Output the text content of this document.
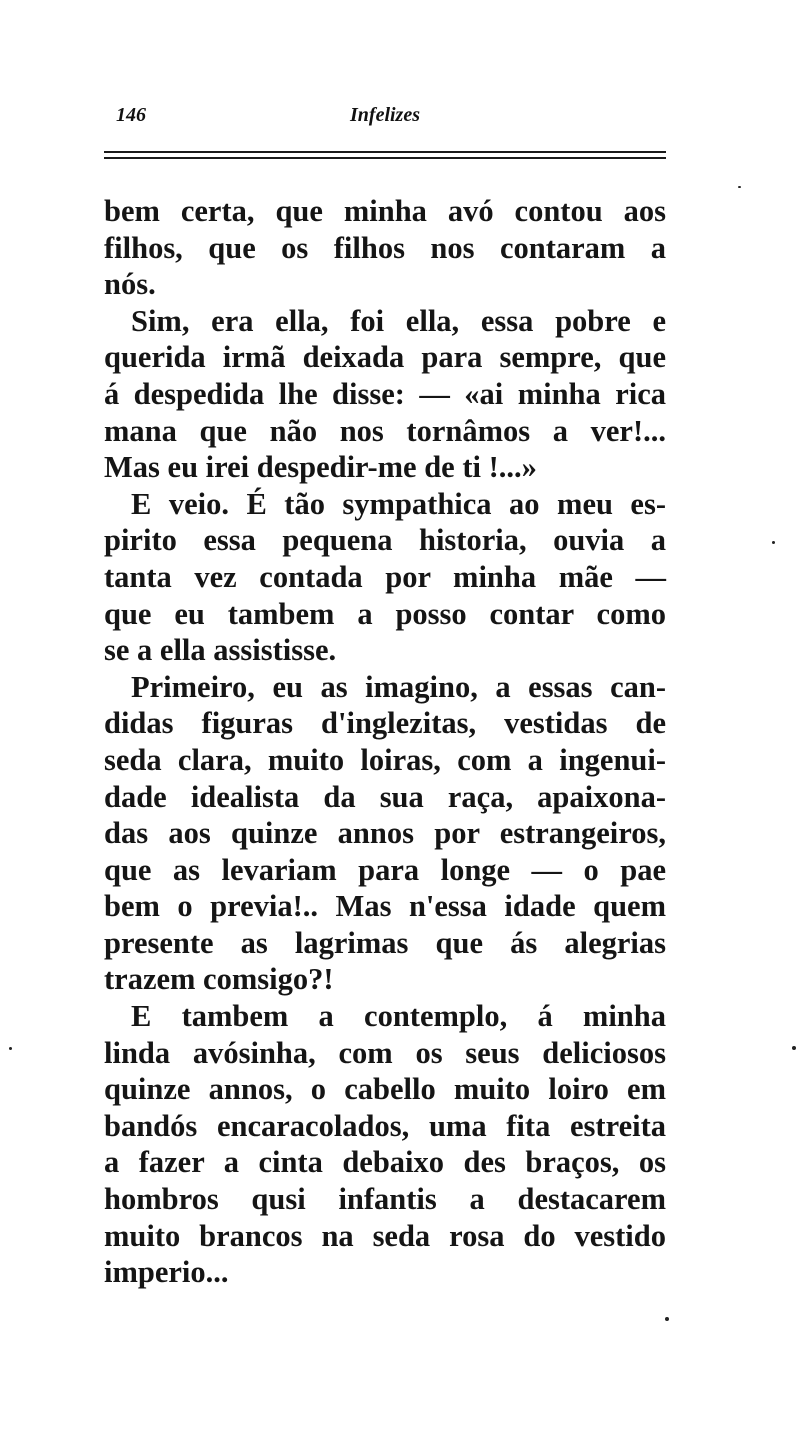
146	Infelizes
bem certa, que minha avó contou aos
filhos, que os filhos nos contaram a
nós.
Sim, era ella, foi ella, essa pobre e
querida irmã deixada para sempre, que
á despedida lhe disse: — «ai minha rica
mana que não nos tornâmos a ver!...
Mas eu irei despedir-me de ti !...»
E veio. É tão sympathica ao meu es-
pirito essa pequena historia, ouvia a
tanta vez contada por minha mãe —
que eu tambem a posso contar como
se a ella assistisse.
Primeiro, eu as imagino, a essas can-
didas figuras d'inglezitas, vestidas de
seda clara, muito loiras, com a ingenui-
dade idealista da sua raça, apaixona-
das aos quinze annos por estrangeiros,
que as levariam para longe — o pae
bem o previa!.. Mas n'essa idade quem
presente as lagrimas que ás alegrias
trazem comsigo?!
E tambem a contemplo, á minha
linda avósinha, com os seus deliciosos
quinze annos, o cabello muito loiro em
bandós encaracolados, uma fita estreita
a fazer a cinta debaixo des braços, os
hombros qusi infantis a destacarem
muito brancos na seda rosa do vestido
imperio...
